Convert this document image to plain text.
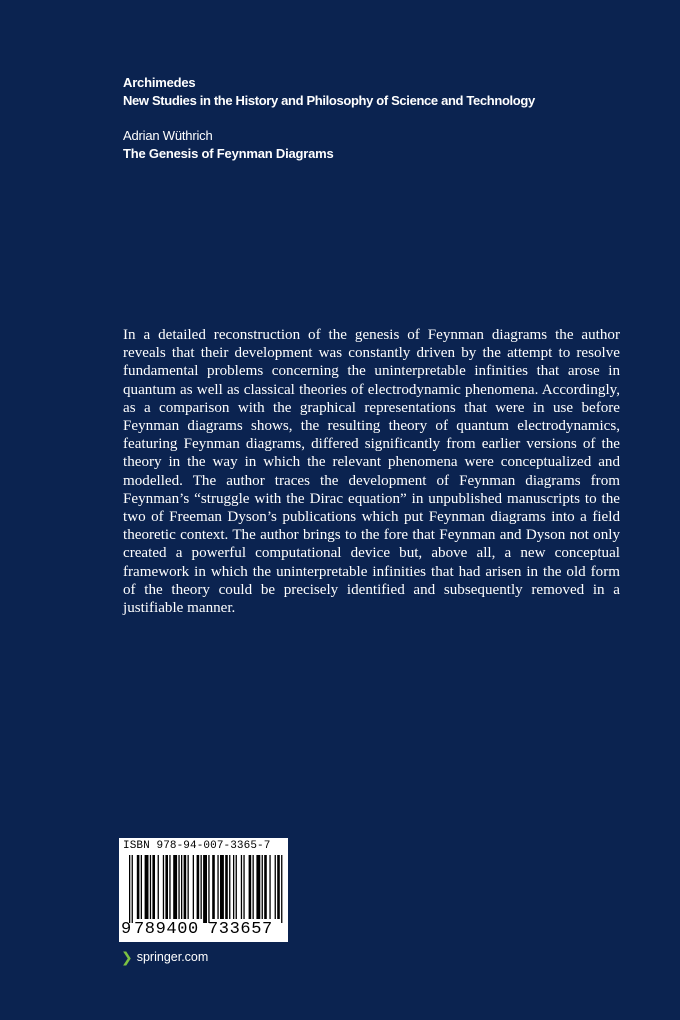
Archimedes

New Studies in the History and Philosophy of Science and Technology

Adrian Wüthrich

The Genesis of Feynman Diagrams

In a detailed reconstruction of the genesis of Feynman diagrams the author reveals that their development was constantly driven by the attempt to resolve fundamental problems concerning the uninterpretable infinities that arose in quantum as well as classical theories of electrodynamic phenomena. Accordingly, as a comparison with the graphical representations that were in use before Feynman diagrams shows, the resulting theory of quantum electrodynamics, featuring Feynman diagrams, differed significantly from earlier versions of the theory in the way in which the relevant phenomena were conceptualized and modelled. The author traces the development of Feynman diagrams from Feynman’s “struggle with the Dirac equation” in unpublished manuscripts to the two of Freeman Dyson’s publications which put Feynman diagrams into a field theoretic context. The author brings to the fore that Feynman and Dyson not only created a powerful computational device but, above all, a new conceptual framework in which the uninterpretable infinities that had arisen in the old form of the theory could be precisely identified and subsequently removed in a justifiable manner.

ISBN 978-94-007-3365-7
9 789400 733657
❯ springer.com
